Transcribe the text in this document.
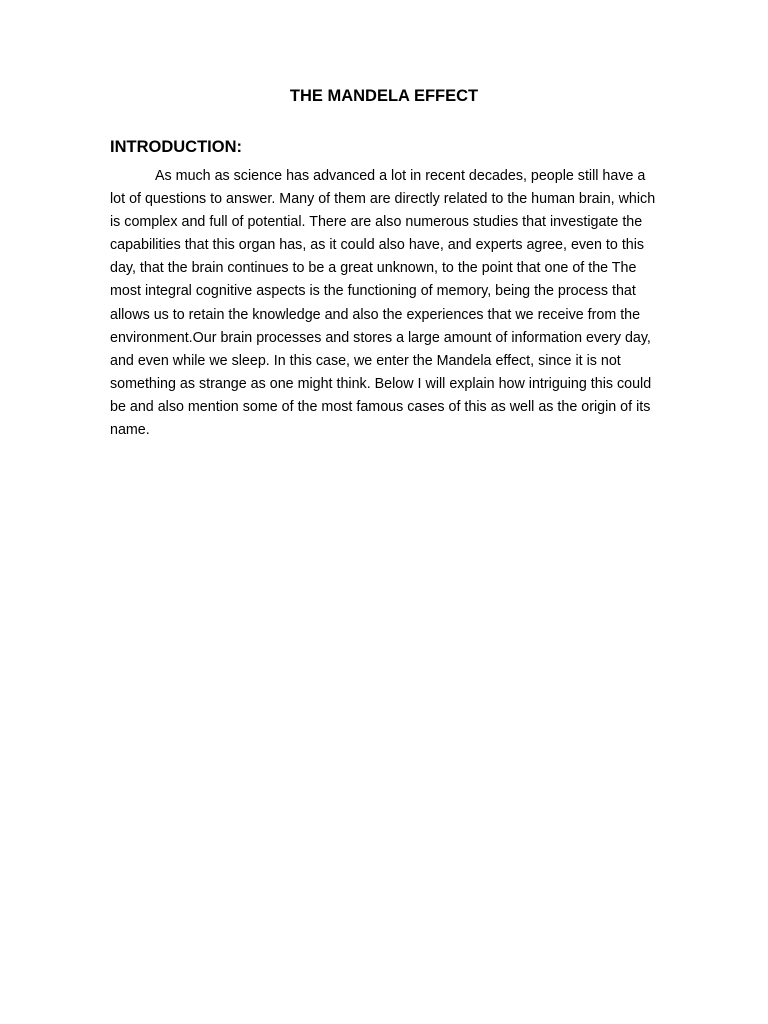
THE MANDELA EFFECT
INTRODUCTION:

As much as science has advanced a lot in recent decades, people still have a lot of questions to answer. Many of them are directly related to the human brain, which is complex and full of potential. There are also numerous studies that investigate the capabilities that this organ has, as it could also have, and experts agree, even to this day, that the brain continues to be a great unknown, to the point that one of the The most integral cognitive aspects is the functioning of memory, being the process that allows us to retain the knowledge and also the experiences that we receive from the environment.Our brain processes and stores a large amount of information every day, and even while we sleep. In this case, we enter the Mandela effect, since it is not something as strange as one might think. Below I will explain how intriguing this could be and also mention some of the most famous cases of this as well as the origin of its name.
